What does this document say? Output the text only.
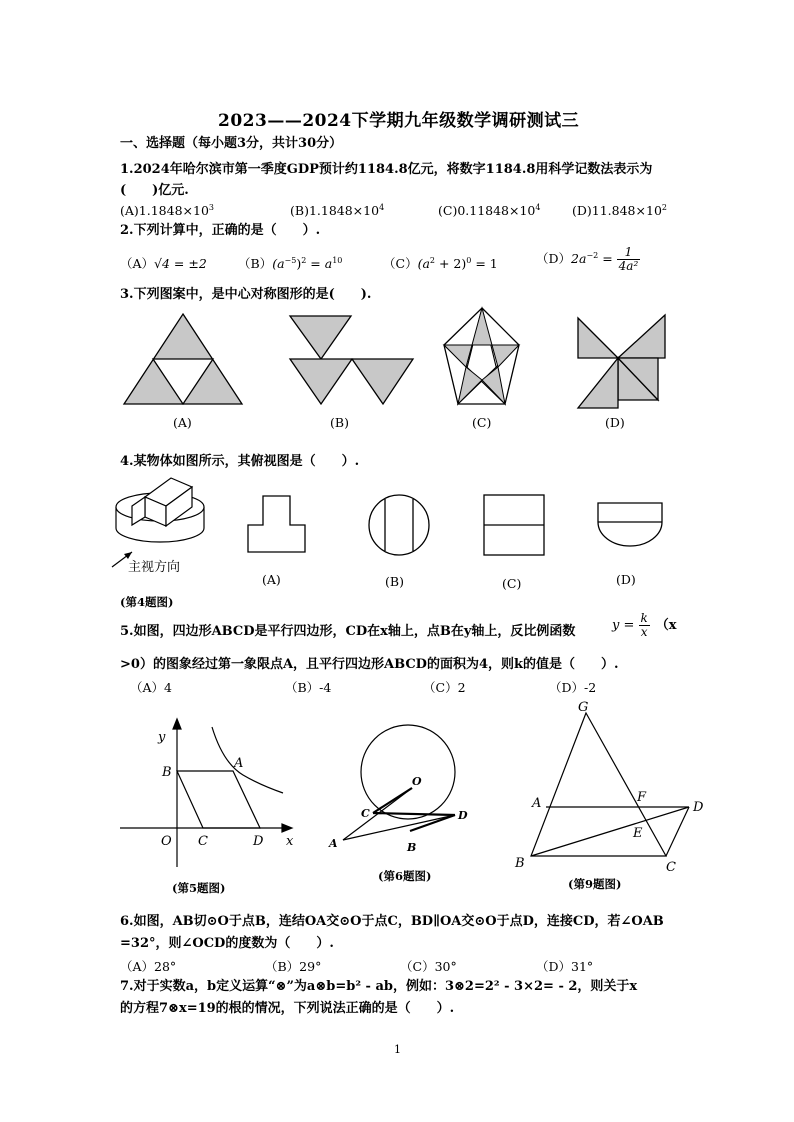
2023——2024下学期九年级数学调研测试三
一、选择题（每小题3分，共计30分）
1.2024年哈尔滨市第一季度GDP预计约1184.8亿元，将数字1184.8用科学记数法表示为
(　　)亿元.
$(A)1.1848\times 10^3$	$(B)1.1848\times 10^4$	$(C)0.11848\times 10^4$	$(D)11.848\times 10^2$
2.下列计算中，正确的是（　　）.
（A）√4 = ±2 $(B)(a^{-5})^2 = a^{10}$	$(C)(a^2 + 2)^0 = 1$	$(D)2a^{-2} = \frac{1}{\text{4a²}}$
3.下列图案中，是中心对称图形的是(　　).
(A)	(B)	(C)	(D)
4.某物体如图所示，其俯视图是（　　）.
主视方向
(A)	(B)	(C)	(D)
(第4题图)
5.如图，四边形ABCD是平行四边形，CD在x轴上，点B在y轴上，反比例函数	$y = \frac{k}{x} (x$
>0）的图象经过第一象限点A，且平行四边形ABCD的面积为4，则k的值是（　　）.
（A）4	（B）-4	（C）2	（D）-2
y
x
O
B
A
C	D
O
C	D
A	B
G
A	F
D
E
B	C
(第5题图)
(第6题图)
(第9题图)
6.如图，AB切⊙O于点B，连结OA交⊙O于点C，BD∥OA交⊙O于点D，连接CD，若∠OAB
=32°，则∠OCD的度数为（　　）.
（A）28°	（B）29°	（C）30°	（D）31°
7.对于实数a，b定义运算“⊗”为a⊗b=b² - ab，例如：3⊗2=2² - 3×2= - 2，则关于x
的方程7⊗x=19的根的情况，下列说法正确的是（　　）.
1
